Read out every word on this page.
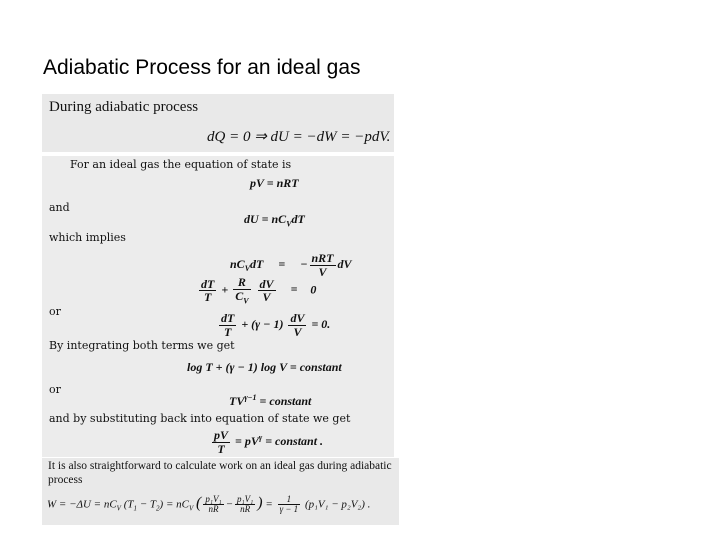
Adiabatic Process for an ideal gas
During adiabatic process
dQ = 0 ⇒ dU = −dW = −pdV.
For an ideal gas the equation of state is
pV = nRT
and
dU = $nC_VdT$
which implies
$nC_VdT$ = − $\frac{\text{nRT}}{V}$ dV
$\frac{dT}{T} + \frac{R}{C_V}$
$\frac{dV}{V} = 0$
or
$\frac{dT}{T} + (\gamma - 1) \frac{dV}{V} = 0$.
By integrating both terms we get
log T + (γ − 1) log V = constant
or
$TV^{\gamma-1}$ = constant
and by substituting back into equation of state we get
$\frac{pV}{T} = pV^\gamma$ = constant .
It is also straightforward to calculate work on an ideal gas during adiabatic
process
$W = -\Delta U = nC_V$ $(T_1 - T_2) = nC_V$ ( $\frac{\text{p₁V₁}}{nR} - \frac{\text{p₁V₁}}{nR}$ ) = $\frac{1}{\gamma - 1} (p_1V_1 - p_2V_2)$ .
